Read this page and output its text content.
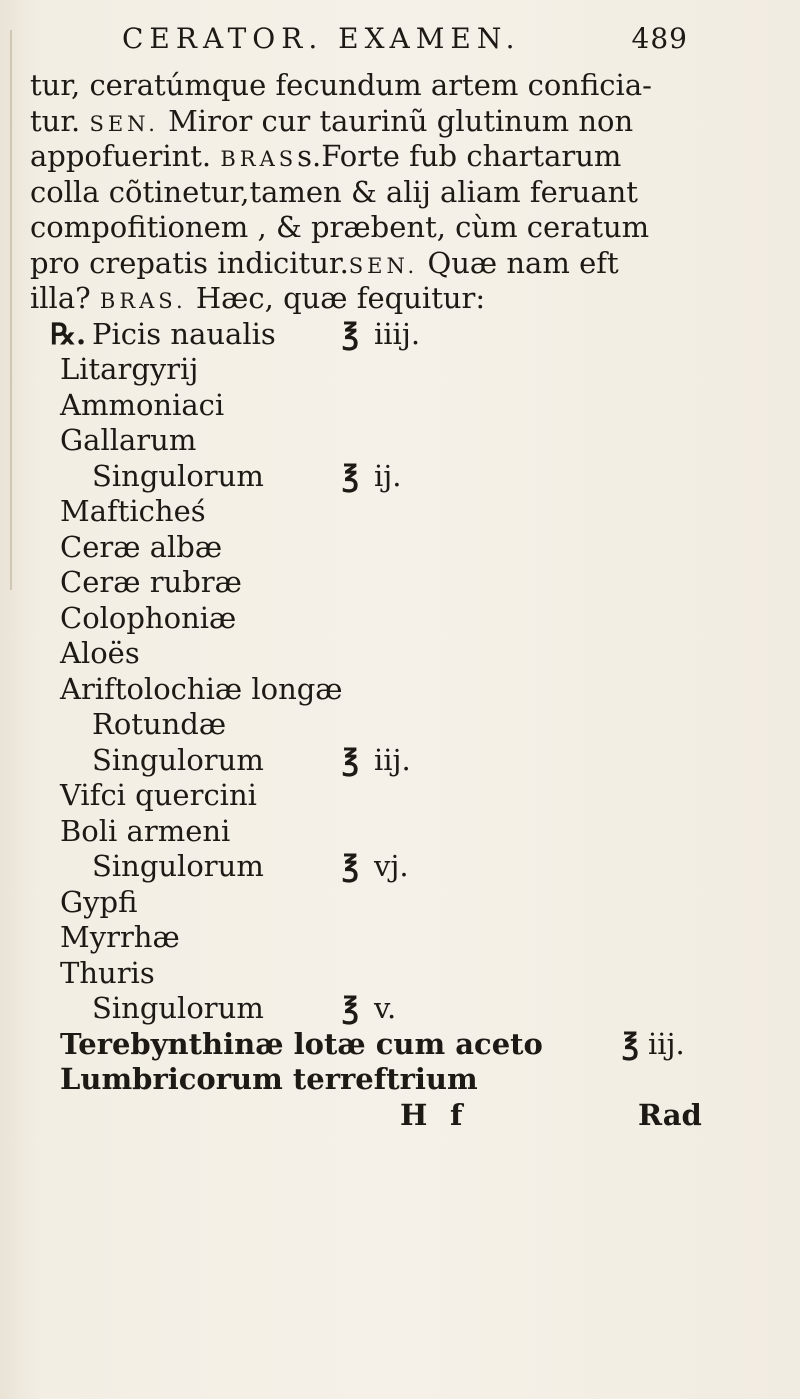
CERATOR. EXAMEN.	489
tur, ceratúmque fecundum artem conficia-
tur. SEN. Miror cur taurinũ glutinum non
appofuerint. BRASs.Forte fub chartarum
colla cõtinetur,tamen & alij aliam feruant
compofitionem , & præbent, cùm ceratum
pro crepatis indicitur.SEN. Quæ nam eft
illa? BRAS. Hæc, quæ fequitur:
℞. Picis naualis ℥ iiij.
Litargyrij
Ammoniaci
Gallarum
Singulorum	℥ ij.
Mafticheś
Ceræ albæ
Ceræ rubræ
Colophoniæ
Aloës
Ariftolochiæ longæ
Rotundæ
Singulorum	℥ iij.
Vifci quercini
Boli armeni
Singulorum	℥ vj.
Gypfi
Myrrhæ
Thuris
Singulorum	℥ v.
Terebynthinæ lotæ cum aceto	℥ iij.
Lumbricorum terreftrium
H f	Rad
